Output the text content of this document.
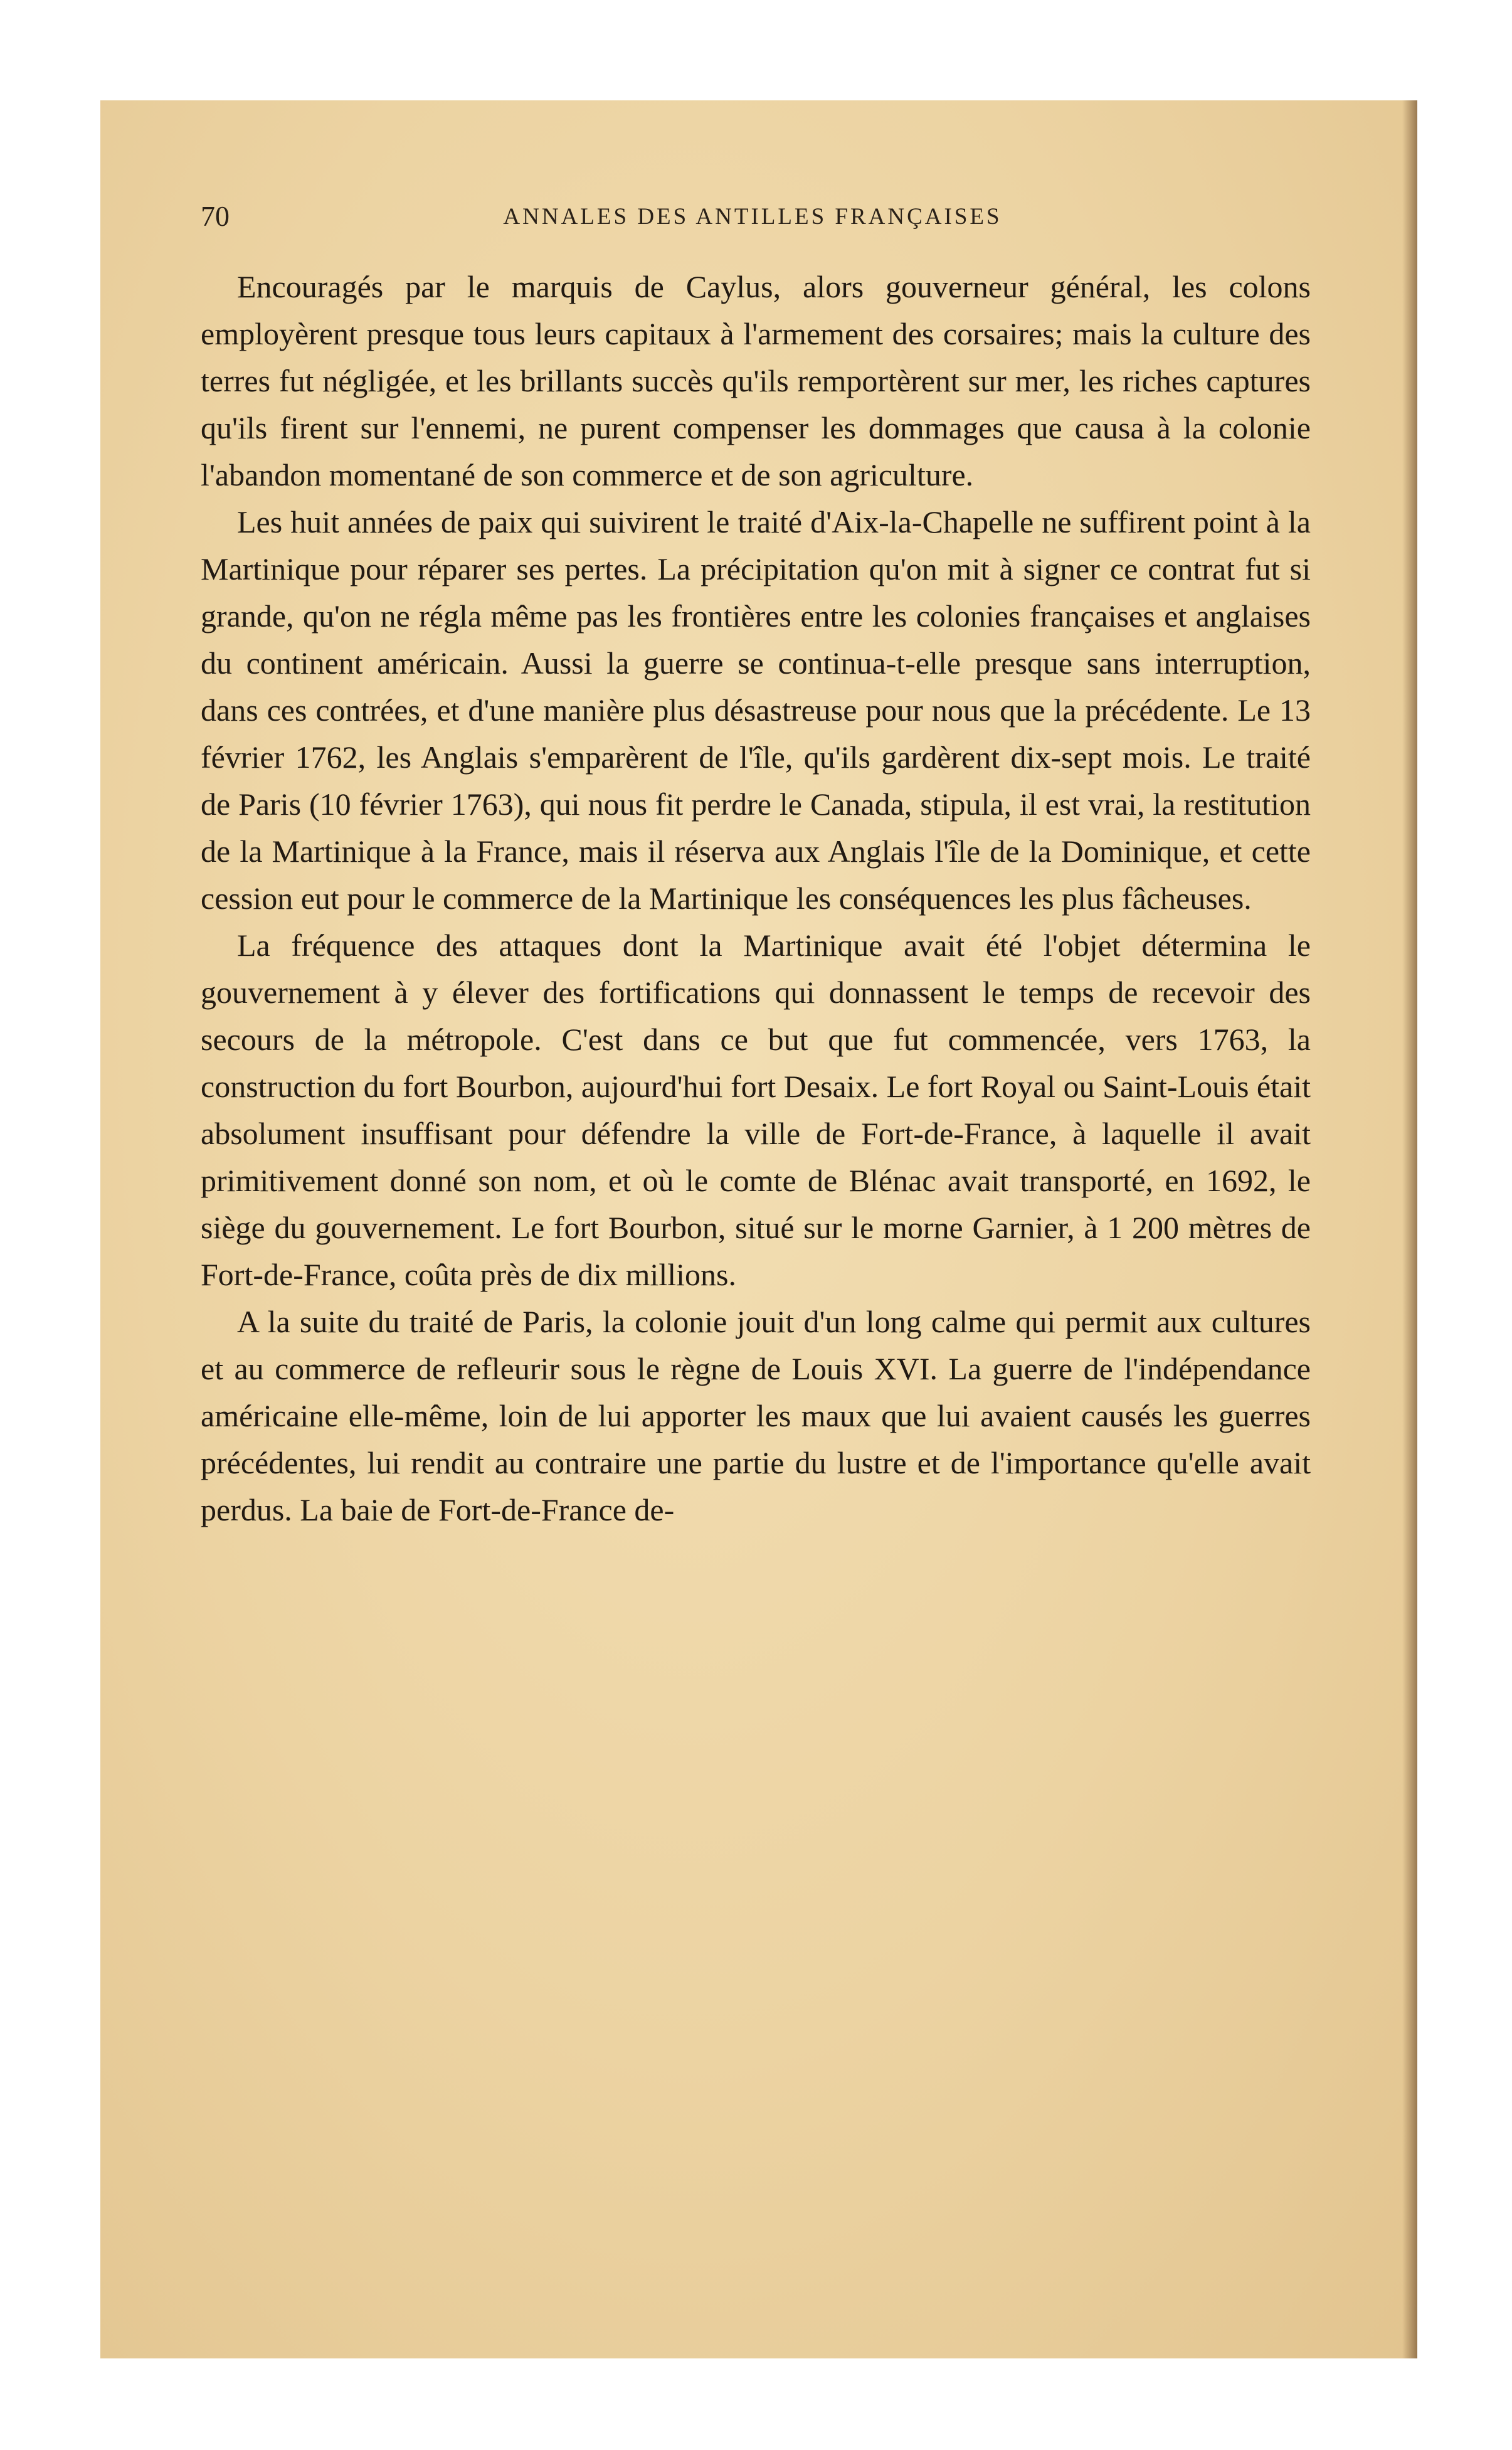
70	ANNALES DES ANTILLES FRANÇAISES

Encouragés par le marquis de Caylus, alors gouverneur général, les colons employèrent presque tous leurs capitaux à l'armement des corsaires; mais la culture des terres fut négligée, et les brillants succès qu'ils remportèrent sur mer, les riches captures qu'ils firent sur l'ennemi, ne purent compenser les dommages que causa à la colonie l'abandon momentané de son commerce et de son agriculture.

Les huit années de paix qui suivirent le traité d'Aix-la-Chapelle ne suffirent point à la Martinique pour réparer ses pertes. La précipitation qu'on mit à signer ce contrat fut si grande, qu'on ne régla même pas les frontières entre les colonies françaises et anglaises du continent américain. Aussi la guerre se continua-t-elle presque sans interruption, dans ces contrées, et d'une manière plus désastreuse pour nous que la précédente. Le 13 février 1762, les Anglais s'emparèrent de l'île, qu'ils gardèrent dix-sept mois. Le traité de Paris (10 février 1763), qui nous fit perdre le Canada, stipula, il est vrai, la restitution de la Martinique à la France, mais il réserva aux Anglais l'île de la Dominique, et cette cession eut pour le commerce de la Martinique les conséquences les plus fâcheuses.

La fréquence des attaques dont la Martinique avait été l'objet détermina le gouvernement à y élever des fortifications qui donnassent le temps de recevoir des secours de la métropole. C'est dans ce but que fut commencée, vers 1763, la construction du fort Bourbon, aujourd'hui fort Desaix. Le fort Royal ou Saint-Louis était absolument insuffisant pour défendre la ville de Fort-de-France, à laquelle il avait primitivement donné son nom, et où le comte de Blénac avait transporté, en 1692, le siège du gouvernement. Le fort Bourbon, situé sur le morne Garnier, à 1 200 mètres de Fort-de-France, coûta près de dix millions.

A la suite du traité de Paris, la colonie jouit d'un long calme qui permit aux cultures et au commerce de refleurir sous le règne de Louis XVI. La guerre de l'indépendance américaine elle-même, loin de lui apporter les maux que lui avaient causés les guerres précédentes, lui rendit au contraire une partie du lustre et de l'importance qu'elle avait perdus. La baie de Fort-de-France de-
